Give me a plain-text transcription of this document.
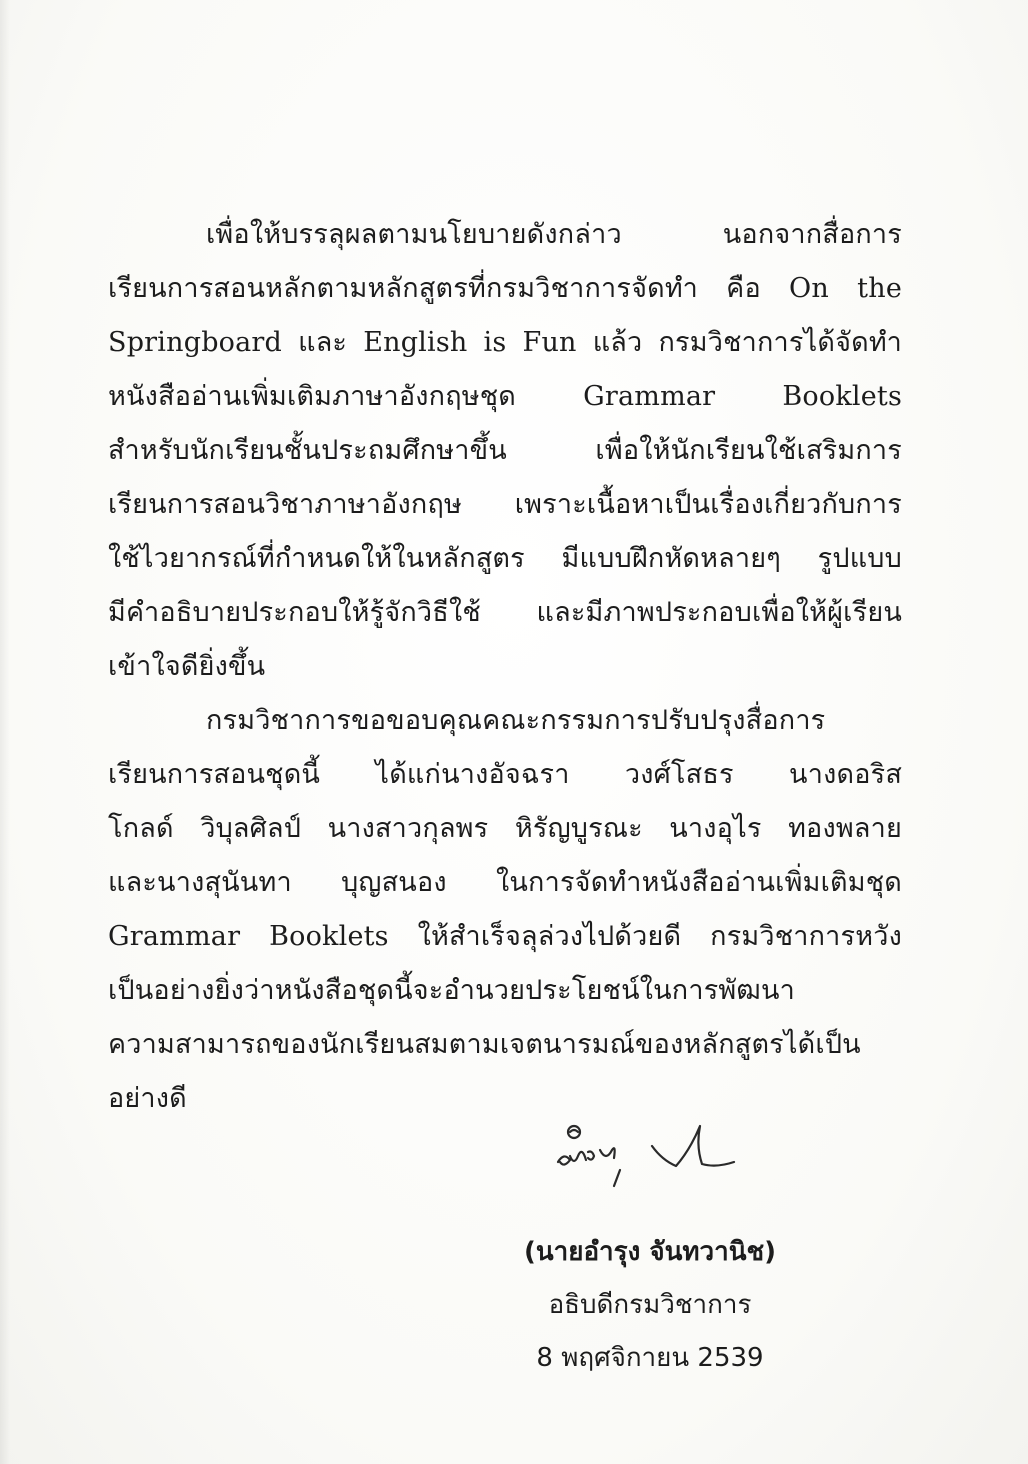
เพื่อให้บรรลุผลตามนโยบายดังกล่าว นอกจากสื่อการ
เรียนการสอนหลักตามหลักสูตรที่กรมวิชาการจัดทำ คือ On the
Springboard และ English is Fun แล้ว กรมวิชาการได้จัดทำ
หนังสืออ่านเพิ่มเติมภาษาอังกฤษชุด Grammar Booklets
สำหรับนักเรียนชั้นประถมศึกษาขึ้น เพื่อให้นักเรียนใช้เสริมการ
เรียนการสอนวิชาภาษาอังกฤษ เพราะเนื้อหาเป็นเรื่องเกี่ยวกับการ
ใช้ไวยากรณ์ที่กำหนดให้ในหลักสูตร มีแบบฝึกหัดหลายๆ รูปแบบ
มีคำอธิบายประกอบให้รู้จักวิธีใช้ และมีภาพประกอบเพื่อให้ผู้เรียน
เข้าใจดียิ่งขึ้น
กรมวิชาการขอขอบคุณคณะกรรมการปรับปรุงสื่อการ
เรียนการสอนชุดนี้ ได้แก่นางอัจฉรา วงศ์โสธร นางดอริส
โกลด์ วิบุลศิลป์ นางสาวกุลพร หิรัญบูรณะ นางอุไร ทองพลาย
และนางสุนันทา บุญสนอง ในการจัดทำหนังสืออ่านเพิ่มเติมชุด
Grammar Booklets ให้สำเร็จลุล่วงไปด้วยดี กรมวิชาการหวัง
เป็นอย่างยิ่งว่าหนังสือชุดนี้จะอำนวยประโยชน์ในการพัฒนา
ความสามารถของนักเรียนสมตามเจตนารมณ์ของหลักสูตรได้เป็น
อย่างดี
(นายอำรุง จันทวานิช)
อธิบดีกรมวิชาการ
8 พฤศจิกายน 2539
